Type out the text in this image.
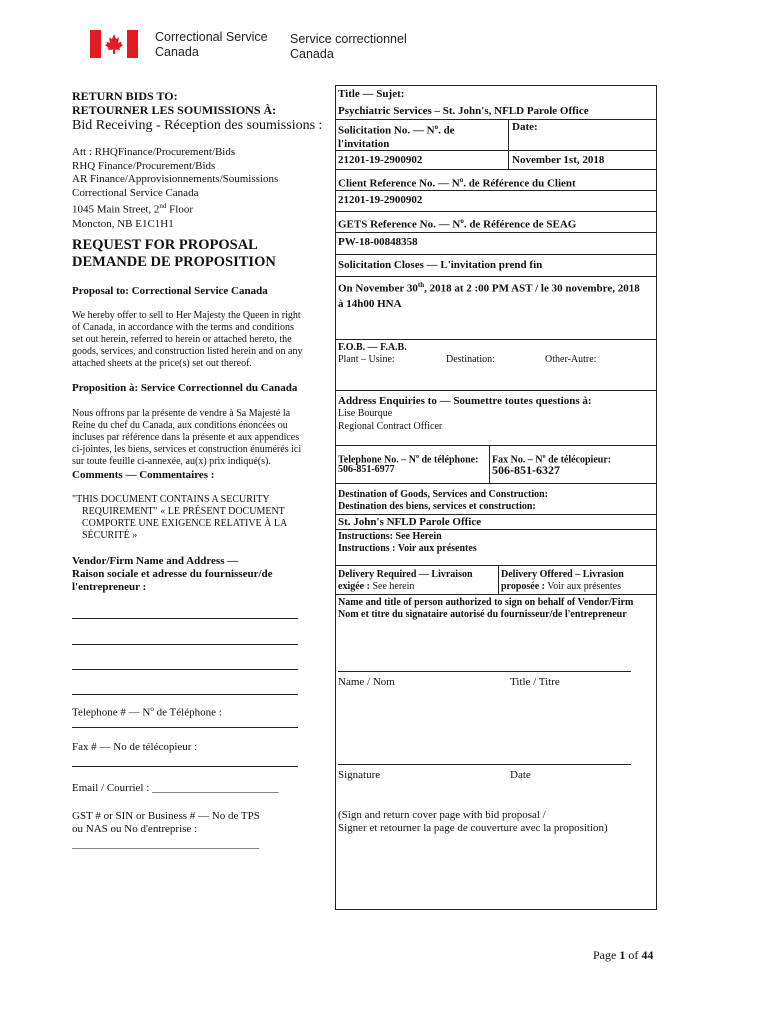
Correctional Service
Canada
Service correctionnel
Canada
RETURN BIDS TO:
RETOURNER LES SOUMISSIONS À:
Bid Receiving - Réception des soumissions :
Att : RHQFinance/Procurement/Bids
RHQ Finance/Procurement/Bids
AR Finance/Approvisionnements/Soumissions
Correctional Service Canada
1045 Main Street, 2nd Floor
Moncton, NB E1C1H1
REQUEST FOR PROPOSAL
DEMANDE DE PROPOSITION
Proposal to: Correctional Service Canada
We hereby offer to sell to Her Majesty the Queen in right
of Canada, in accordance with the terms and conditions
set out herein, referred to herein or attached hereto, the
goods, services, and construction listed herein and on any
attached sheets at the price(s) set out thereof.
Proposition à: Service Correctionnel du Canada
Nous offrons par la présente de vendre à Sa Majesté la
Reine du chef du Canada, aux conditions énoncées ou
incluses par référence dans la présente et aux appendices
ci-jointes, les biens, services et construction énumérés ici
sur toute feuille ci-annexée, au(x) prix indiqué(s).
Comments — Commentaires :
"THIS DOCUMENT CONTAINS A SECURITY
REQUIREMENT" « LE PRÉSENT DOCUMENT
COMPORTE UNE EXIGENCE RELATIVE À LA
SÉCURITÉ »
Vendor/Firm Name and Address —
Raison sociale et adresse du fournisseur/de
l'entrepreneur :
Telephone # — $N^o$ de Téléphone :
Fax # — No de télécopieur :
Email / Courriel : _______________________
GST # or SIN or Business # — No de TPS
ou NAS ou No d'entreprise :
__________________________________
Title — Sujet:
Psychiatric Services – St. John's, NFLD Parole Office
Solicitation No. — $N^o$. de
l'invitation
Date:
21201-19-2900902	November 1st, 2018
Client Reference No. — $N^o$. de Référence du Client
21201-19-2900902
GETS Reference No. — $N^o$. de Référence de SEAG
PW-18-00848358
Solicitation Closes — L'invitation prend fin
On November 30th, 2018 at 2 :00 PM AST / le 30 novembre, 2018
à 14h00 HNA
F.O.B. — F.A.B.
Plant – Usine:	Destination:	Other-Autre:
Address Enquiries to — Soumettre toutes questions à:
Lise Bourque
Regional Contract Officer
Telephone No. – $N^o$ de téléphone:
506-851-6977
Fax No. – $N^o$ de télécopieur:
506-851-6327
Destination of Goods, Services and Construction:
Destination des biens, services et construction:
St. John's NFLD Parole Office
Instructions: See Herein
Instructions : Voir aux présentes
Delivery Required — Livraison
exigée : See herein
Delivery Offered – Livrasion
proposée : Voir aux présentes
Name and title of person authorized to sign on behalf of Vendor/Firm
Nom et titre du signataire autorisé du fournisseur/de l'entrepreneur
Name / Nom	Title / Titre
Signature	Date
(Sign and return cover page with bid proposal /
Signer et retourner la page de couverture avec la proposition)
Page 1 of 44
